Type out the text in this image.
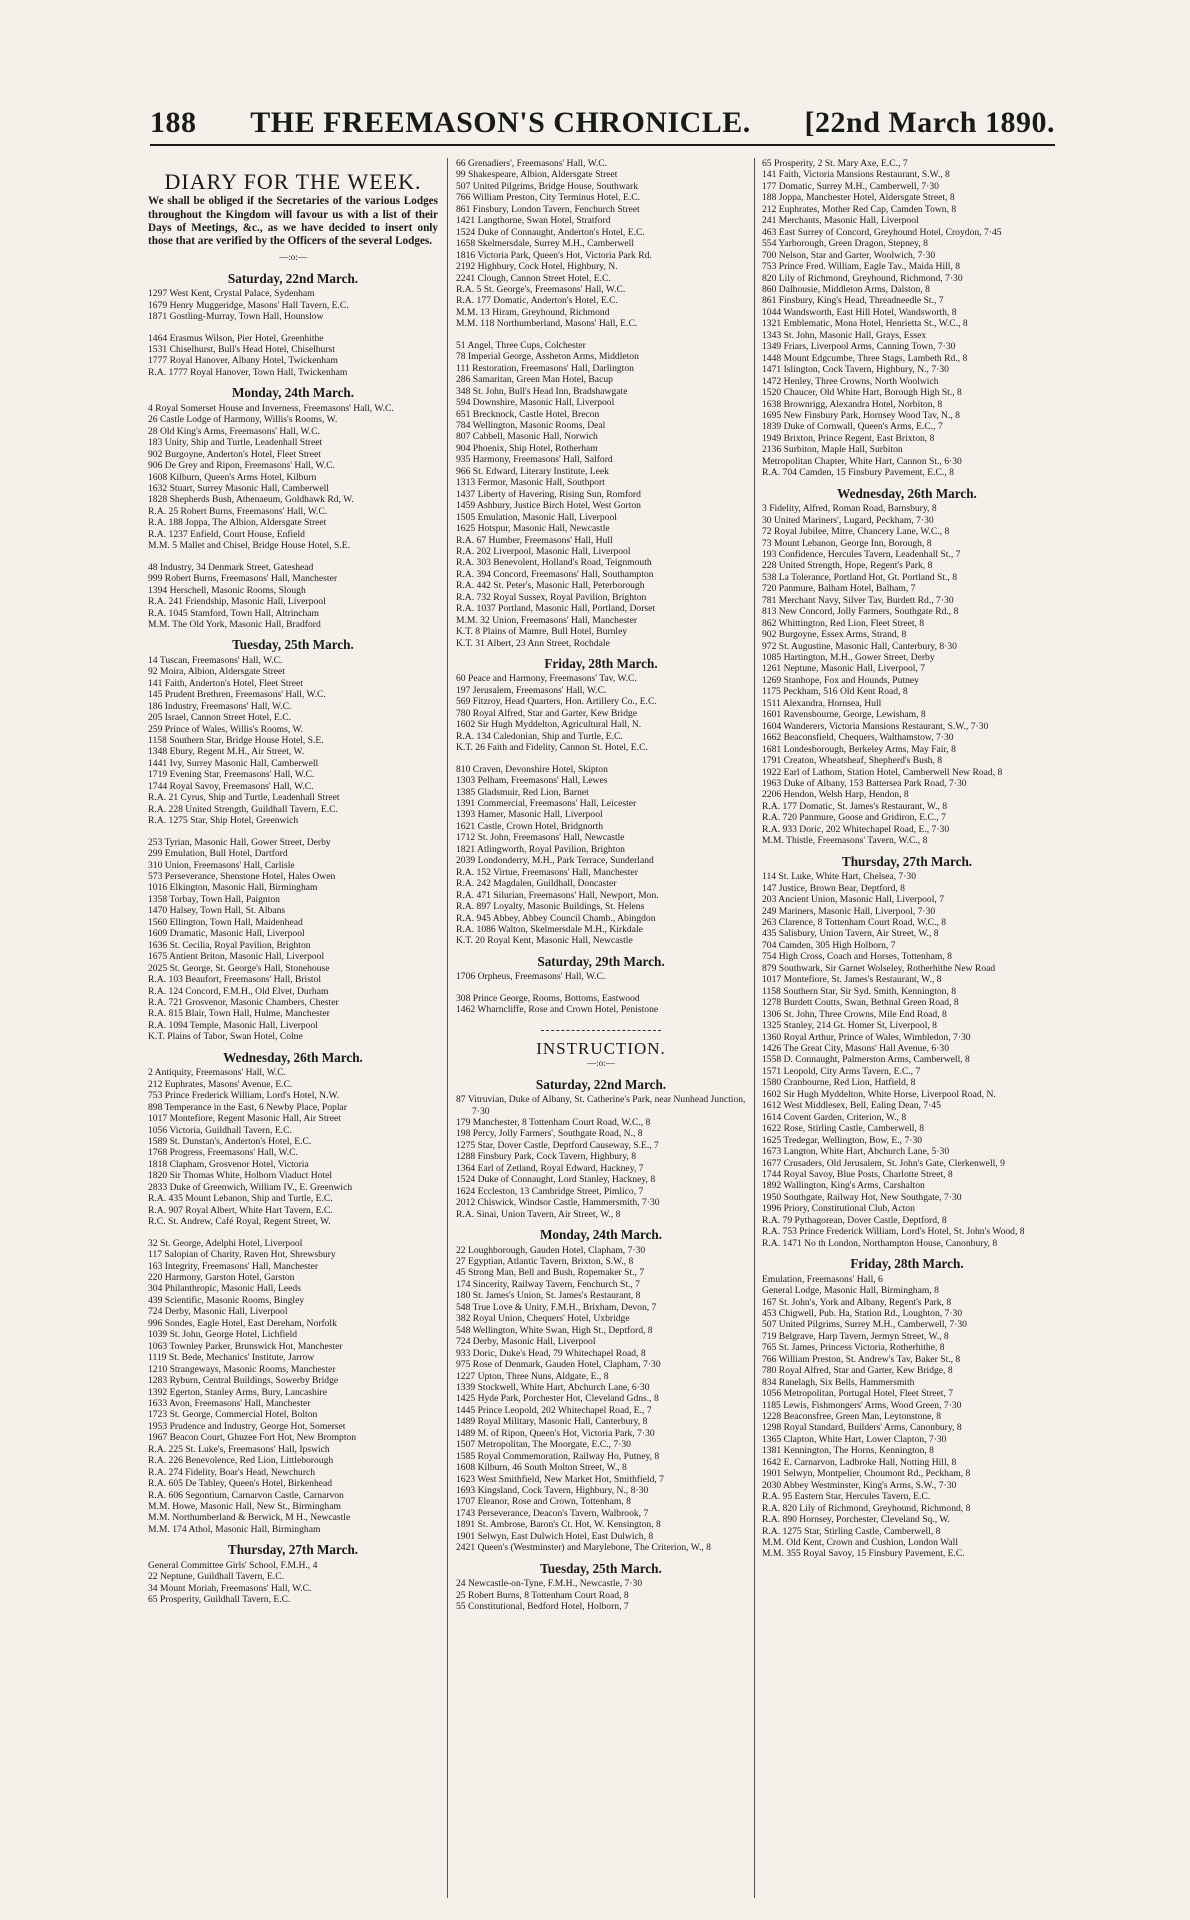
188 THE FREEMASON'S CHRONICLE. [22nd March 1890.
DIARY FOR THE WEEK.
We shall be obliged if the Secretaries of the various Lodges throughout the Kingdom will favour us with a list of their Days of Meetings, &c., as we have decided to insert only those that are verified by the Officers of the several Lodges.
—:o:—
Saturday, 22nd March.
1297 West Kent, Crystal Palace, Sydenham
1679 Henry Muggeridge, Masons' Hall Tavern, E.C.
1871 Gostling-Murray, Town Hall, Hounslow
1464 Erasmus Wilson, Pier Hotel, Greenhithe
1531 Chiselhurst, Bull's Head Hotel, Chiselhurst
1777 Royal Hanover, Albany Hotel, Twickenham
R.A. 1777 Royal Hanover, Town Hall, Twickenham
Monday, 24th March.
4 Royal Somerset House and Inverness, Freemasons' Hall, W.C.
26 Castle Lodge of Harmony, Willis's Rooms, W.
28 Old King's Arms, Freemasons' Hall, W.C.
183 Unity, Ship and Turtle, Leadenhall Street
902 Burgoyne, Anderton's Hotel, Fleet Street
906 De Grey and Ripon, Freemasons' Hall, W.C.
1608 Kilburn, Queen's Arms Hotel, Kilburn
1632 Stuart, Surrey Masonic Hall, Camberwell
1828 Shepherds Bush, Athenaeum, Goldhawk Rd, W.
R.A. 25 Robert Burns, Freemasons' Hall, W.C.
R.A. 188 Joppa, The Albion, Aldersgate Street
R.A. 1237 Enfield, Court House, Enfield
M.M. 5 Mallet and Chisel, Bridge House Hotel, S.E.
48 Industry, 34 Denmark Street, Gateshead
999 Robert Burns, Freemasons' Hall, Manchester
1394 Herschell, Masonic Rooms, Slough
R.A. 241 Friendship, Masonic Hall, Liverpool
R.A. 1045 Stamford, Town Hall, Altrincham
M.M. The Old York, Masonic Hall, Bradford
Tuesday, 25th March.
14 Tuscan, Freemasons' Hall, W.C.
92 Moira, Albion, Aldersgate Street
141 Faith, Anderton's Hotel, Fleet Street
145 Prudent Brethren, Freemasons' Hall, W.C.
186 Industry, Freemasons' Hall, W.C.
205 Israel, Cannon Street Hotel, E.C.
259 Prince of Wales, Willis's Rooms, W.
1158 Southern Star, Bridge House Hotel, S.E.
1348 Ebury, Regent M.H., Air Street, W.
1441 Ivy, Surrey Masonic Hall, Camberwell
1719 Evening Star, Freemasons' Hall, W.C.
1744 Royal Savoy, Freemasons' Hall, W.C.
R.A. 21 Cyrus, Ship and Turtle, Leadenhall Street
R.A. 228 United Strength, Guildhall Tavern, E.C.
R.A. 1275 Star, Ship Hotel, Greenwich
253 Tyrian, Masonic Hall, Gower Street, Derby
299 Emulation, Bull Hotel, Dartford
310 Union, Freemasons' Hall, Carlisle
573 Perseverance, Shenstone Hotel, Hales Owen
1016 Elkington, Masonic Hall, Birmingham
1358 Torbay, Town Hall, Paignton
1470 Halsey, Town Hall, St. Albans
1560 Ellington, Town Hall, Maidenhead
1609 Dramatic, Masonic Hall, Liverpool
1636 St. Cecilia, Royal Pavilion, Brighton
1675 Antient Briton, Masonic Hall, Liverpool
2025 St. George, St. George's Hall, Stonehouse
R.A. 103 Beaufort, Freemasons' Hall, Bristol
R.A. 124 Concord, F.M.H., Old Elvet, Durham
R.A. 721 Grosvenor, Masonic Chambers, Chester
R.A. 815 Blair, Town Hall, Hulme, Manchester
R.A. 1094 Temple, Masonic Hall, Liverpool
K.T. Plains of Tabor, Swan Hotel, Colne
Wednesday, 26th March.
2 Antiquity, Freemasons' Hall, W.C.
212 Euphrates, Masons' Avenue, E.C.
753 Prince Frederick William, Lord's Hotel, N.W.
898 Temperance in the East, 6 Newby Place, Poplar
1017 Montefiore, Regent Masonic Hall, Air Street
1056 Victoria, Guildhall Tavern, E.C.
1589 St. Dunstan's, Anderton's Hotel, E.C.
1768 Progress, Freemasons' Hall, W.C.
1818 Clapham, Grosvenor Hotel, Victoria
1820 Sir Thomas White, Holborn Viaduct Hotel
2833 Duke of Greenwich, William IV., E. Greenwich
R.A. 435 Mount Lebanon, Ship and Turtle, E.C.
R.A. 907 Royal Albert, White Hart Tavern, E.C.
R.C. St. Andrew, Café Royal, Regent Street, W.
32 St. George, Adelphi Hotel, Liverpool
117 Salopian of Charity, Raven Hot, Shrewsbury
163 Integrity, Freemasons' Hall, Manchester
220 Harmony, Garston Hotel, Garston
304 Philanthropic, Masonic Hall, Leeds
439 Scientific, Masonic Rooms, Bingley
724 Derby, Masonic Hall, Liverpool
996 Sondes, Eagle Hotel, East Dereham, Norfolk
1039 St. John, George Hotel, Lichfield
1063 Townley Parker, Brunswick Hot, Manchester
1119 St. Bede, Mechanics' Institute, Jarrow
1210 Strangeways, Masonic Rooms, Manchester
1283 Ryburn, Central Buildings, Sowerby Bridge
1392 Egerton, Stanley Arms, Bury, Lancashire
1633 Avon, Freemasons' Hall, Manchester
1723 St. George, Commercial Hotel, Bolton
1953 Prudence and Industry, George Hot, Somerset
1967 Beacon Court, Ghuzee Fort Hot, New Brompton
R.A. 225 St. Luke's, Freemasons' Hall, Ipswich
R.A. 226 Benevolence, Red Lion, Littleborough
R.A. 274 Fidelity, Boar's Head, Newchurch
R.A. 605 De Tabley, Queen's Hotel, Birkenhead
R.A. 606 Segontium, Carnarvon Castle, Carnarvon
M.M. Howe, Masonic Hall, New St., Birmingham
M.M. Northumberland & Berwick, M H., Newcastle
M.M. 174 Athol, Masonic Hall, Birmingham
Thursday, 27th March.
General Committee Girls' School, F.M.H., 4
22 Neptune, Guildhall Tavern, E.C.
34 Mount Moriah, Freemasons' Hall, W.C.
65 Prosperity, Guildhall Tavern, E.C.
66 Grenadiers', Freemasons' Hall, W.C.
99 Shakespeare, Albion, Aldersgate Street
507 United Pilgrims, Bridge House, Southwark
766 William Preston, City Terminus Hotel, E.C.
861 Finsbury, London Tavern, Fenchurch Street
1421 Langthorne, Swan Hotel, Stratford
1524 Duke of Connaught, Anderton's Hotel, E.C.
1658 Skelmersdale, Surrey M.H., Camberwell
1816 Victoria Park, Queen's Hot, Victoria Park Rd.
2192 Highbury, Cock Hotel, Highbury, N.
2241 Clough, Cannon Street Hotel, E.C.
R.A. 5 St. George's, Freemasons' Hall, W.C.
R.A. 177 Domatic, Anderton's Hotel, E.C.
M.M. 13 Hiram, Greyhound, Richmond
M.M. 118 Northumberland, Masons' Hall, E.C.
51 Angel, Three Cups, Colchester
78 Imperial George, Assheton Arms, Middleton
111 Restoration, Freemasons' Hall, Darlington
286 Samaritan, Green Man Hotel, Bacup
348 St. John, Bull's Head Inn, Bradshawgate
594 Downshire, Masonic Hall, Liverpool
651 Brecknock, Castle Hotel, Brecon
784 Wellington, Masonic Rooms, Deal
807 Cabbell, Masonic Hall, Norwich
904 Phoenix, Ship Hotel, Rotherham
935 Harmony, Freemasons' Hall, Salford
966 St. Edward, Literary Institute, Leek
1313 Fermor, Masonic Hall, Southport
1437 Liberty of Havering, Rising Sun, Romford
1459 Ashbury, Justice Birch Hotel, West Gorton
1505 Emulation, Masonic Hall, Liverpool
1625 Hotspur, Masonic Hall, Newcastle
R.A. 67 Humber, Freemasons' Hall, Hull
R.A. 202 Liverpool, Masonic Hall, Liverpool
R.A. 303 Benevolent, Holland's Road, Teignmouth
R.A. 394 Concord, Freemasons' Hall, Southampton
R.A. 442 St. Peter's, Masonic Hall, Peterborough
R.A. 732 Royal Sussex, Royal Pavilion, Brighton
R.A. 1037 Portland, Masonic Hall, Portland, Dorset
M.M. 32 Union, Freemasons' Hall, Manchester
K.T. 8 Plains of Mamre, Bull Hotel, Burnley
K.T. 31 Albert, 23 Ann Street, Rochdale
Friday, 28th March.
60 Peace and Harmony, Freemasons' Tav, W.C.
197 Jerusalem, Freemasons' Hall, W.C.
569 Fitzroy, Head Quarters, Hon. Artillery Co., E.C.
780 Royal Alfred, Star and Garter, Kew Bridge
1602 Sir Hugh Myddelton, Agricultural Hall, N.
R.A. 134 Caledonian, Ship and Turtle, E.C.
K.T. 26 Faith and Fidelity, Cannon St. Hotel, E.C.
810 Craven, Devonshire Hotel, Skipton
1303 Pelham, Freemasons' Hall, Lewes
1385 Gladsmuir, Red Lion, Barnet
1391 Commercial, Freemasons' Hall, Leicester
1393 Hamer, Masonic Hall, Liverpool
1621 Castle, Crown Hotel, Bridgnorth
1712 St. John, Freemasons' Hall, Newcastle
1821 Atlingworth, Royal Pavilion, Brighton
2039 Londonderry, M.H., Park Terrace, Sunderland
R.A. 152 Virtue, Freemasons' Hall, Manchester
R.A. 242 Magdalen, Guildhall, Doncaster
R.A. 471 Silurian, Freemasons' Hall, Newport, Mon.
R.A. 897 Loyalty, Masonic Buildings, St. Helens
R.A. 945 Abbey, Abbey Council Chamb., Abingdon
R.A. 1086 Walton, Skelmersdale M.H., Kirkdale
K.T. 20 Royal Kent, Masonic Hall, Newcastle
Saturday, 29th March.
1706 Orpheus, Freemasons' Hall, W.C.
308 Prince George, Rooms, Bottoms, Eastwood
1462 Wharncliffe, Rose and Crown Hotel, Penistone
INSTRUCTION.
—:o:—
Saturday, 22nd March.
87 Vitruvian, Duke of Albany, St. Catherine's Park, near Nunhead Junction, 7·30
179 Manchester, 8 Tottenham Court Road, W.C., 8
198 Percy, Jolly Farmers', Southgate Road, N., 8
1275 Star, Dover Castle, Deptford Causeway, S.E., 7
1288 Finsbury Park, Cock Tavern, Highbury, 8
1364 Earl of Zetland, Royal Edward, Hackney, 7
1524 Duke of Connaught, Lord Stanley, Hackney, 8
1624 Eccleston, 13 Cambridge Street, Pimlico, 7
2012 Chiswick, Windsor Castle, Hammersmith, 7·30
R.A. Sinai, Union Tavern, Air Street, W., 8
Monday, 24th March.
22 Loughborough, Gauden Hotel, Clapham, 7·30
27 Egyptian, Atlantic Tavern, Brixton, S.W., 8
45 Strong Man, Bell and Bush, Ropemaker St., 7
174 Sincerity, Railway Tavern, Fenchurch St., 7
180 St. James's Union, St. James's Restaurant, 8
548 True Love & Unity, F.M.H., Brixham, Devon, 7
382 Royal Union, Chequers' Hotel, Uxbridge
548 Wellington, White Swan, High St., Deptford, 8
724 Derby, Masonic Hall, Liverpool
933 Doric, Duke's Head, 79 Whitechapel Road, 8
975 Rose of Denmark, Gauden Hotel, Clapham, 7·30
1227 Upton, Three Nuns, Aldgate, E., 8
1339 Stockwell, White Hart, Abchurch Lane, 6·30
1425 Hyde Park, Porchester Hot, Cleveland Gdns., 8
1445 Prince Leopold, 202 Whitechapel Road, E., 7
1489 Royal Military, Masonic Hall, Canterbury, 8
1489 M. of Ripon, Queen's Hot, Victoria Park, 7·30
1507 Metropolitan, The Moorgate, E.C., 7·30
1585 Royal Commemoration, Railway Ho, Putney, 8
1608 Kilburn, 46 South Molton Street, W., 8
1623 West Smithfield, New Market Hot, Smithfield, 7
1693 Kingsland, Cock Tavern, Highbury, N., 8·30
1707 Eleanor, Rose and Crown, Tottenham, 8
1743 Perseverance, Deacon's Tavern, Walbrook, 7
1891 St. Ambrose, Baron's Ct. Hot, W. Kensington, 8
1901 Selwyn, East Dulwich Hotel, East Dulwich, 8
2421 Queen's (Westminster) and Marylebone, The Criterion, W., 8
Tuesday, 25th March.
24 Newcastle-on-Tyne, F.M.H., Newcastle, 7·30
25 Robert Burns, 8 Tottenham Court Road, 8
55 Constitutional, Bedford Hotel, Holborn, 7
65 Prosperity, 2 St. Mary Axe, E.C., 7
141 Faith, Victoria Mansions Restaurant, S.W., 8
177 Domatic, Surrey M.H., Camberwell, 7·30
188 Joppa, Manchester Hotel, Aldersgate Street, 8
212 Euphrates, Mother Red Cap, Camden Town, 8
241 Merchants, Masonic Hall, Liverpool
463 East Surrey of Concord, Greyhound Hotel, Croydon, 7·45
554 Yarborough, Green Dragon, Stepney, 8
700 Nelson, Star and Garter, Woolwich, 7·30
753 Prince Fred. William, Eagle Tav., Maida Hill, 8
820 Lily of Richmond, Greyhound, Richmond, 7·30
860 Dalhousie, Middleton Arms, Dalston, 8
861 Finsbury, King's Head, Threadneedle St., 7
1044 Wandsworth, East Hill Hotel, Wandsworth, 8
1321 Emblematic, Mona Hotel, Henrietta St., W.C., 8
1343 St. John, Masonic Hall, Grays, Essex
1349 Friars, Liverpool Arms, Canning Town, 7·30
1448 Mount Edgcumbe, Three Stags, Lambeth Rd., 8
1471 Islington, Cock Tavern, Highbury, N., 7·30
1472 Henley, Three Crowns, North Woolwich
1520 Chaucer, Old White Hart, Borough High St., 8
1638 Brownrigg, Alexandra Hotel, Norbiton, 8
1695 New Finsbury Park, Hornsey Wood Tav, N., 8
1839 Duke of Cornwall, Queen's Arms, E.C., 7
1949 Brixton, Prince Regent, East Brixton, 8
2136 Surbiton, Maple Hall, Surbiton
Metropolitan Chapter, White Hart, Cannon St., 6·30
R.A. 704 Camden, 15 Finsbury Pavement, E.C., 8
Wednesday, 26th March.
3 Fidelity, Alfred, Roman Road, Barnsbury, 8
30 United Mariners', Lugard, Peckham, 7·30
72 Royal Jubilee, Mitre, Chancery Lane, W.C., 8
73 Mount Lebanon, George Inn, Borough, 8
193 Confidence, Hercules Tavern, Leadenhall St., 7
228 United Strength, Hope, Regent's Park, 8
538 La Tolerance, Portland Hot, Gt. Portland St., 8
720 Panmure, Balham Hotel, Balham, 7
781 Merchant Navy, Silver Tav, Burdett Rd., 7·30
813 New Concord, Jolly Farmers, Southgate Rd., 8
862 Whittington, Red Lion, Fleet Street, 8
902 Burgoyne, Essex Arms, Strand, 8
972 St. Augustine, Masonic Hall, Canterbury, 8·30
1085 Hartington, M.H., Gower Street, Derby
1261 Neptune, Masonic Hall, Liverpool, 7
1269 Stanhope, Fox and Hounds, Putney
1175 Peckham, 516 Old Kent Road, 8
1511 Alexandra, Hornsea, Hull
1601 Ravensbourne, George, Lewisham, 8
1604 Wanderers, Victoria Mansions Restaurant, S.W., 7·30
1662 Beaconsfield, Chequers, Walthamstow, 7·30
1681 Londesborough, Berkeley Arms, May Fair, 8
1791 Creaton, Wheatsheaf, Shepherd's Bush, 8
1922 Earl of Lathom, Station Hotel, Camberwell New Road, 8
1963 Duke of Albany, 153 Battersea Park Road, 7·30
2206 Hendon, Welsh Harp, Hendon, 8
R.A. 177 Domatic, St. James's Restaurant, W., 8
R.A. 720 Panmure, Goose and Gridiron, E.C., 7
R.A. 933 Doric, 202 Whitechapel Road, E., 7·30
M.M. Thistle, Freemasons' Tavern, W.C., 8
Thursday, 27th March.
114 St. Luke, White Hart, Chelsea, 7·30
147 Justice, Brown Bear, Deptford, 8
203 Ancient Union, Masonic Hall, Liverpool, 7
249 Mariners, Masonic Hall, Liverpool, 7·30
263 Clarence, 8 Tottenham Court Road, W.C., 8
435 Salisbury, Union Tavern, Air Street, W., 8
704 Camden, 305 High Holborn, 7
754 High Cross, Coach and Horses, Tottenham, 8
879 Southwark, Sir Garnet Wolseley, Rotherhithe New Road
1017 Montefiore, St. James's Restaurant, W., 8
1158 Southern Star, Sir Syd. Smith, Kennington, 8
1278 Burdett Coutts, Swan, Bethnal Green Road, 8
1306 St. John, Three Crowns, Mile End Road, 8
1325 Stanley, 214 Gt. Homer St, Liverpool, 8
1360 Royal Arthur, Prince of Wales, Wimbledon, 7·30
1426 The Great City, Masons' Hall Avenue, 6·30
1558 D. Connaught, Palmerston Arms, Camberwell, 8
1571 Leopold, City Arms Tavern, E.C., 7
1580 Cranbourne, Red Lion, Hatfield, 8
1602 Sir Hugh Myddelton, White Horse, Liverpool Road, N.
1612 West Middlesex, Bell, Ealing Dean, 7·45
1614 Covent Garden, Criterion, W., 8
1622 Rose, Stirling Castle, Camberwell, 8
1625 Tredegar, Wellington, Bow, E., 7·30
1673 Langton, White Hart, Abchurch Lane, 5·30
1677 Crusaders, Old Jerusalem, St. John's Gate, Clerkenwell, 9
1744 Royal Savoy, Blue Posts, Charlotte Street, 8
1892 Wallington, King's Arms, Carshalton
1950 Southgate, Railway Hot, New Southgate, 7·30
1996 Priory, Constitutional Club, Acton
R.A. 79 Pythagorean, Dover Castle, Deptford, 8
R.A. 753 Prince Frederick William, Lord's Hotel, St. John's Wood, 8
R.A. 1471 No th London, Northampton House, Canonbury, 8
Friday, 28th March.
Emulation, Freemasons' Hall, 6
General Lodge, Masonic Hall, Birmingham, 8
167 St. John's, York and Albany, Regent's Park, 8
453 Chigwell, Pub. Ha, Station Rd., Loughton, 7·30
507 United Pilgrims, Surrey M.H., Camberwell, 7·30
719 Belgrave, Harp Tavern, Jermyn Street, W., 8
765 St. James, Princess Victoria, Rotherhithe, 8
766 William Preston, St. Andrew's Tav, Baker St., 8
780 Royal Alfred, Star and Garter, Kew Bridge, 8
834 Ranelagh, Six Bells, Hammersmith
1056 Metropolitan, Portugal Hotel, Fleet Street, 7
1185 Lewis, Fishmongers' Arms, Wood Green, 7·30
1228 Beaconsfree, Green Man, Leytonstone, 8
1298 Royal Standard, Builders' Arms, Canonbury, 8
1365 Clapton, White Hart, Lower Clapton, 7·30
1381 Kennington, The Horns, Kennington, 8
1642 E. Carnarvon, Ladbroke Hall, Notting Hill, 8
1901 Selwyn, Montpelier, Choumont Rd., Peckham, 8
2030 Abbey Westminster, King's Arms, S.W., 7·30
R.A. 95 Eastern Star, Hercules Tavern, E.C.
R.A. 820 Lily of Richmond, Greyhound, Richmond, 8
R.A. 890 Hornsey, Porchester, Cleveland Sq., W.
R.A. 1275 Star, Stirling Castle, Camberwell, 8
M.M. Old Kent, Crown and Cushion, London Wall
M.M. 355 Royal Savoy, 15 Finsbury Pavement, E.C.
